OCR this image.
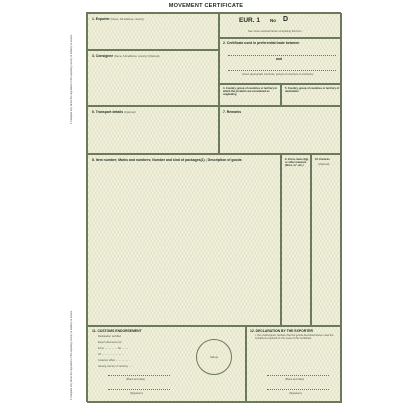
MOVEMENT CERTIFICATE
2 Complete only where the regulations of the exporting country or territory so require
2 Complete only where the regulations of the exporting country or territory so require
1. Exporter (Name, full address, country)
See notes overleaf before completing this form.
2. Certificate used in preferential trade between
and
(Insert appropriate countries, groups of countries or territories)
3. Consignee (Name, full address, country) (Optional)
4. Country, group of countries or territory in which the products are considered as originating
5. Country, group of countries or territory of destination
6. Transport details (Optional)	7. Remarks
8. Item number; Marks and numbers; Number and kind of packages(1) ; Description of goods	9. Gross mass (kg) or other measure (litres, m³, etc.)
10. Invoices
(Optional)
11. CUSTOMS ENDORSEMENT
Declaration certified
Export document (2)
Form ................. No ..........
Of ...............................
Customs office ...................
Issuing country or territory ......
(Place and date)
(Signature)
12. DECLARATION BY THE EXPORTER
I, the undersigned, declare that the goods described above meet the conditions required for the issue of this certificate.
(Place and date)
(Signature)
EUR. 1 No D
Stamp
